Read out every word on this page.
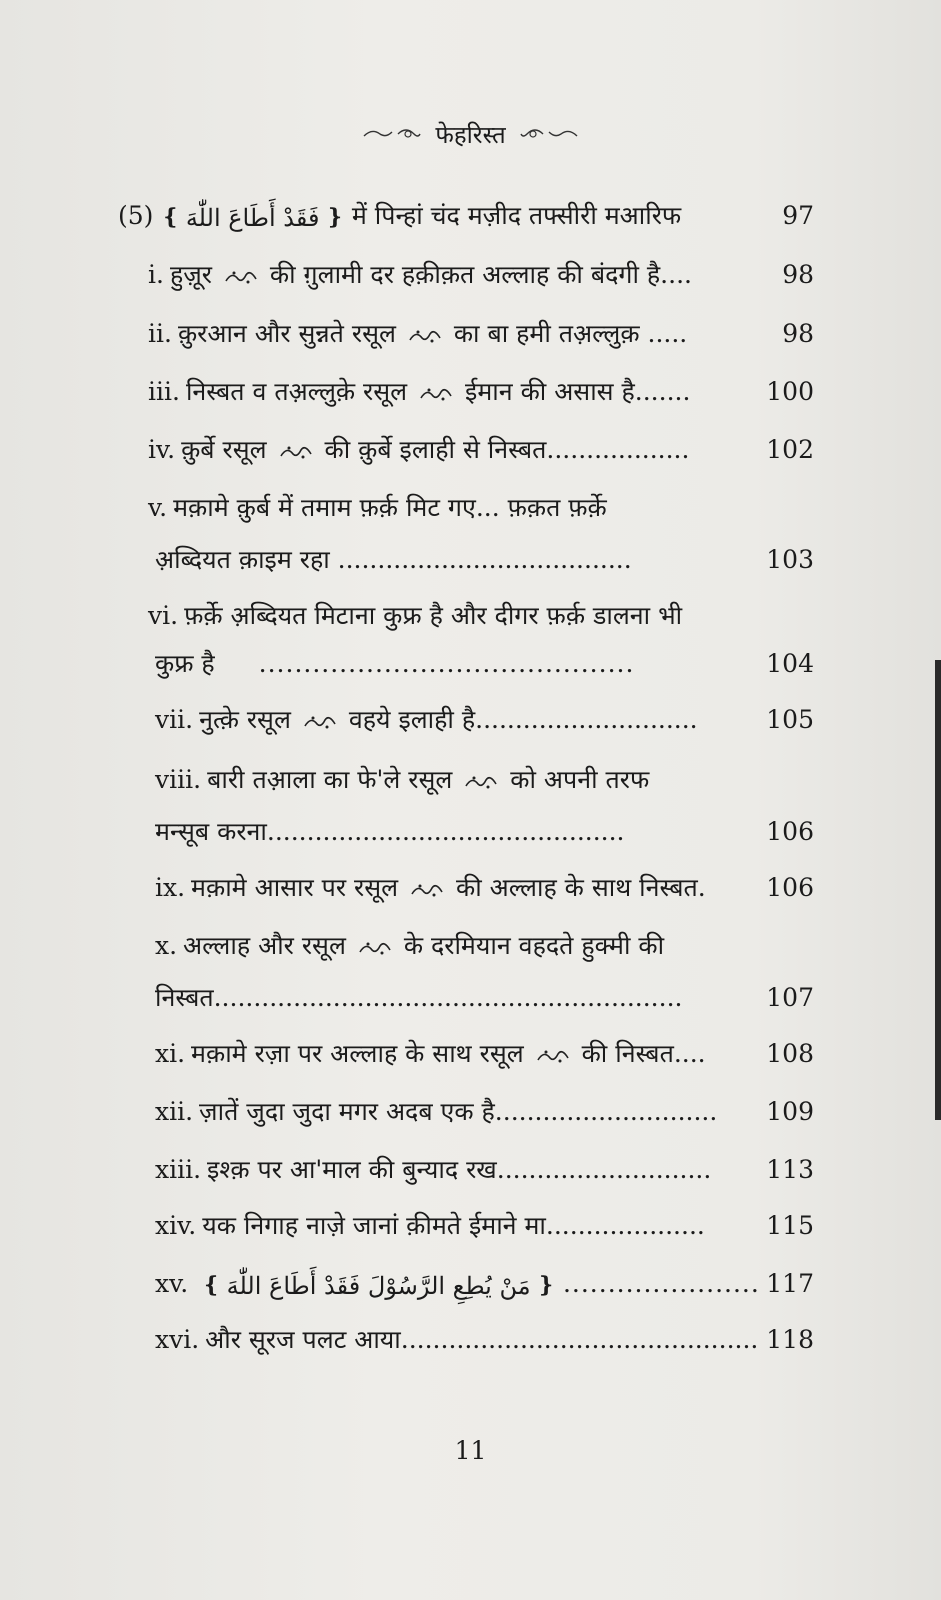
फेहरिस्त
(5) ❴ فَقَدْ أَطَاعَ اللّٰهَ ❵ में पिन्हां चंद मज़ीद तफ्सीरी मआरिफ	97
i. हुज़ूर की ग़ुलामी दर हक़ीक़त अल्लाह की बंदगी है....	98
ii. क़ुरआन और सुन्नते रसूल का बा हमी तअ़ल्लुक़ .....	98
iii. निस्बत व तअ़ल्लुक़े रसूल ईमान की असास है.......	100
iv. क़ुर्बे रसूल की क़ुर्बे इलाही से निस्बत..................	102
v. मक़ामे क़ुर्ब में तमाम फ़र्क़ मिट गए... फ़क़त फ़र्क़े
अ़ब्दियत क़ाइम रहा .....................................	103
vi. फ़र्क़े अ़ब्दियत मिटाना कुफ्र है और दीगर फ़र्क़ डालना भी
कुफ्र है ..........................................	104
vii. नुत्क़े रसूल वहये इलाही है............................	105
viii. बारी तआ़ला का फे'ले रसूल को अपनी तरफ
मन्सूब करना.............................................	106
ix. मक़ामे आसार पर रसूल की अल्लाह के साथ निस्बत. 106
x. अल्लाह और रसूल के दरमियान वहदते हुक्मी की
निस्बत...........................................................	107
xi. मक़ामे रज़ा पर अल्लाह के साथ रसूल की निस्बत.... 108
xii. ज़ातें जुदा जुदा मगर अदब एक है............................ 109
xiii. इश्क़ पर आ'माल की बुन्याद रख........................... 113
xiv. यक निगाह नाज़े जानां क़ीमते ईमाने मा.................... 115
xv. ❴ مَنْ يُطِعِ الرَّسُوْلَ فَقَدْ أَطَاعَ اللّٰهَ ❵ ...................... 117
xvi. और सूरज पलट आया............................................. 118
11
